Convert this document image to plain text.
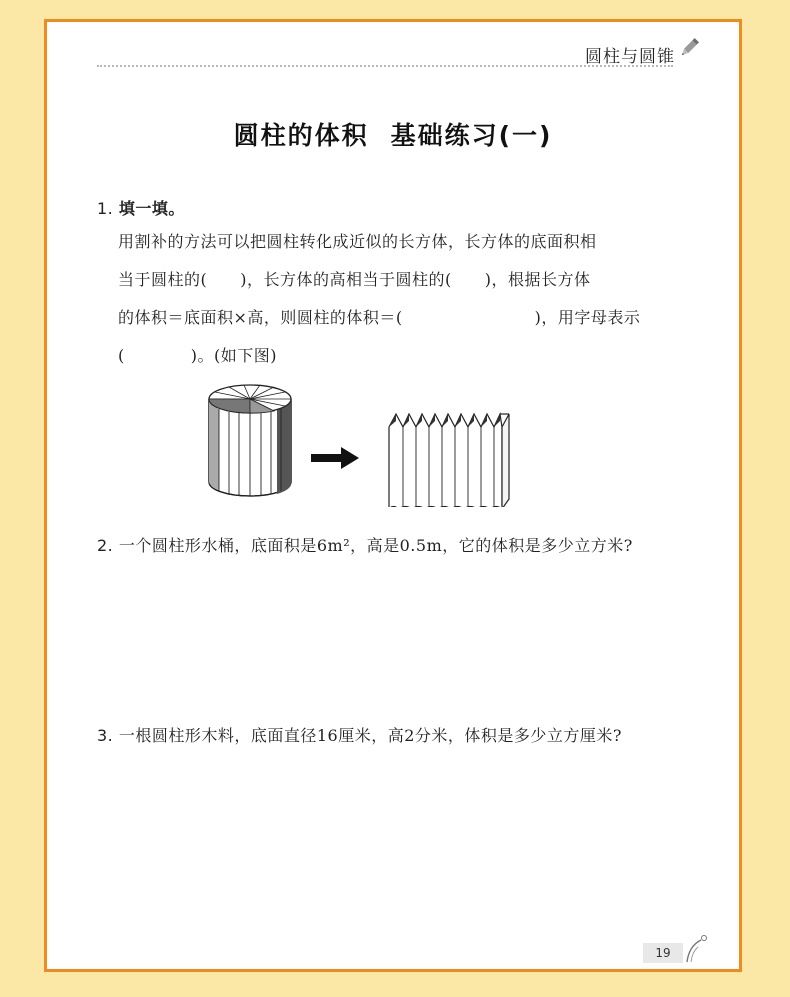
圆柱与圆锥
圆柱的体积 基础练习(一)
1. 填一填。
用割补的方法可以把圆柱转化成近似的长方体，长方体的底面积相
当于圆柱的(　　)，长方体的高相当于圆柱的(　　)，根据长方体
的体积＝底面积×高，则圆柱的体积＝(　　　　　　　　)，用字母表示
(　　　　)。(如下图)
2. 一个圆柱形水桶，底面积是6m²，高是0.5m，它的体积是多少立方米?
3. 一根圆柱形木料，底面直径16厘米，高2分米，体积是多少立方厘米?
19
